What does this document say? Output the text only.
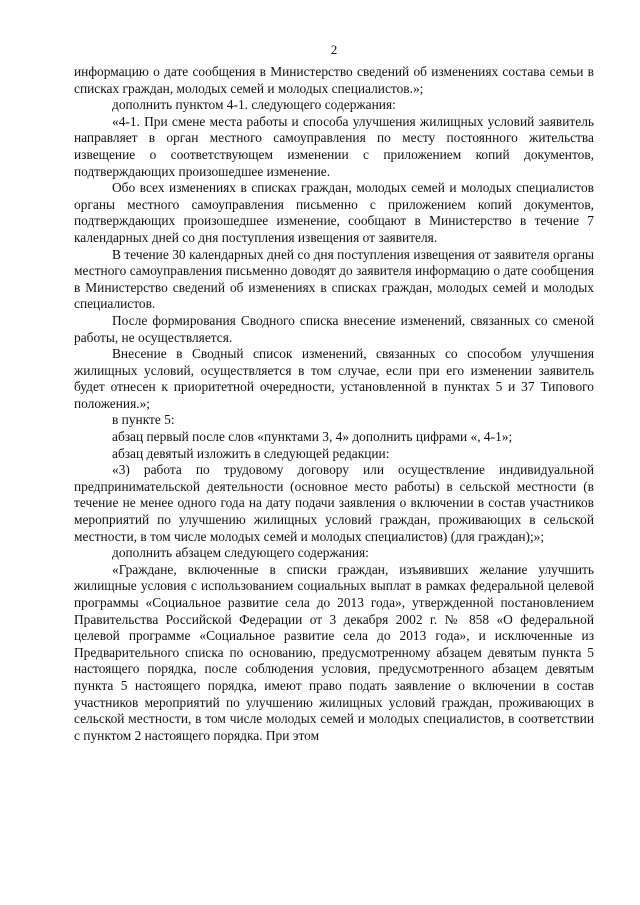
2

информацию о дате сообщения в Министерство сведений об изменениях состава семьи в списках граждан, молодых семей и молодых специалистов.»;

дополнить пунктом 4-1. следующего содержания:

«4-1. При смене места работы и способа улучшения жилищных условий заявитель направляет в орган местного самоуправления по месту постоянного жительства извещение о соответствующем изменении с приложением копий документов, подтверждающих произошедшее изменение.

Обо всех изменениях в списках граждан, молодых семей и молодых специалистов органы местного самоуправления письменно с приложением копий документов, подтверждающих произошедшее изменение, сообщают в Министерство в течение 7 календарных дней со дня поступления извещения от заявителя.

В течение 30 календарных дней со дня поступления извещения от заявителя органы местного самоуправления письменно доводят до заявителя информацию о дате сообщения в Министерство сведений об изменениях в списках граждан, молодых семей и молодых специалистов.

После формирования Сводного списка внесение изменений, связанных со сменой работы, не осуществляется.

Внесение в Сводный список изменений, связанных со способом улучшения жилищных условий, осуществляется в том случае, если при его изменении заявитель будет отнесен к приоритетной очередности, установленной в пунктах 5 и 37 Типового положения.»;

в пункте 5:

абзац первый после слов «пунктами 3, 4» дополнить цифрами «, 4-1»;

абзац девятый изложить в следующей редакции:

«3) работа по трудовому договору или осуществление индивидуальной предпринимательской деятельности (основное место работы) в сельской местности (в течение не менее одного года на дату подачи заявления о включении в состав участников мероприятий по улучшению жилищных условий граждан, проживающих в сельской местности, в том числе молодых семей и молодых специалистов) (для граждан);»;

дополнить абзацем следующего содержания:

«Граждане, включенные в списки граждан, изъявивших желание улучшить жилищные условия с использованием социальных выплат в рамках федеральной целевой программы «Социальное развитие села до 2013 года», утвержденной постановлением Правительства Российской Федерации от 3 декабря 2002 г. № 858 «О федеральной целевой программе «Социальное развитие села до 2013 года», и исключенные из Предварительного списка по основанию, предусмотренному абзацем девятым пункта 5 настоящего порядка, после соблюдения условия, предусмотренного абзацем девятым пункта 5 настоящего порядка, имеют право подать заявление о включении в состав участников мероприятий по улучшению жилищных условий граждан, проживающих в сельской местности, в том числе молодых семей и молодых специалистов, в соответствии с пунктом 2 настоящего порядка. При этом
